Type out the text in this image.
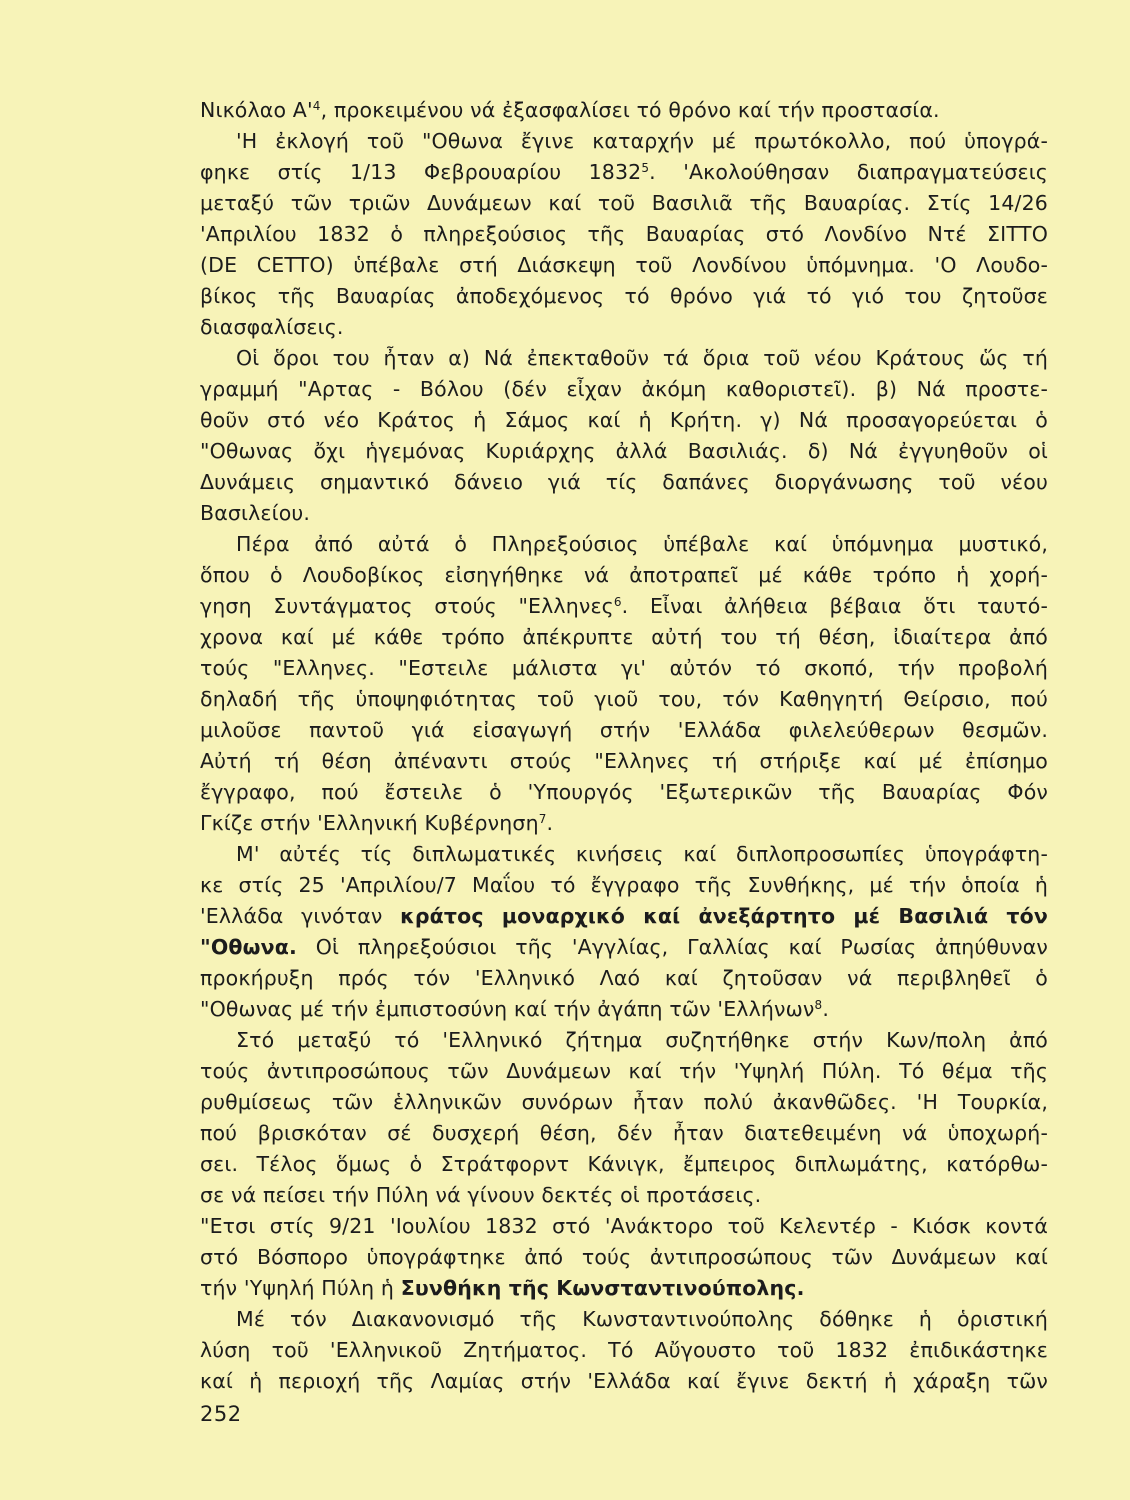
Νικόλαο $A'^4$, προκειμένου νά ἐξασφαλίσει τό θρόνο καί τήν προστασία.
'Η ἐκλογή τοῦ "Οθωνα ἔγινε καταρχήν μέ πρωτόκολλο, πού ὑπογρά-
φηκε στίς 1/13 Φεβρουαρίου 1832$^5$. 'Ακολούθησαν διαπραγματεύσεις
μεταξύ τῶν τριῶν Δυνάμεων καί τοῦ Βασιλιᾶ τῆς Βαυαρίας. Στίς 14/26
'Απριλίου 1832 ὁ πληρεξούσιος τῆς Βαυαρίας στό Λονδίνο Ντέ ΣΙΤΤΟ
(DE CETTO) ὑπέβαλε στή Διάσκεψη τοῦ Λονδίνου ὑπόμνημα. 'Ο Λουδο-
βίκος τῆς Βαυαρίας ἀποδεχόμενος τό θρόνο γιά τό γιό του ζητοῦσε
διασφαλίσεις.
Οἱ ὅροι του ἦταν α) Νά ἐπεκταθοῦν τά ὅρια τοῦ νέου Κράτους ὥς τή
γραμμή "Αρτας - Βόλου (δέν εἶχαν ἀκόμη καθοριστεῖ). β) Νά προστε-
θοῦν στό νέο Κράτος ἡ Σάμος καί ἡ Κρήτη. γ) Νά προσαγορεύεται ὁ
"Οθωνας ὄχι ἡγεμόνας Κυριάρχης ἀλλά Βασιλιάς. δ) Νά ἐγγυηθοῦν οἱ
Δυνάμεις σημαντικό δάνειο γιά τίς δαπάνες διοργάνωσης τοῦ νέου
Βασιλείου.
Πέρα ἀπό αὐτά ὁ Πληρεξούσιος ὑπέβαλε καί ὑπόμνημα μυστικό,
ὅπου ὁ Λουδοβίκος εἰσηγήθηκε νά ἀποτραπεῖ μέ κάθε τρόπο ἡ χορή-
γηση Συντάγματος στούς "Ελληνες$^6$. Εἶναι ἀλήθεια βέβαια ὅτι ταυτό-
χρονα καί μέ κάθε τρόπο ἀπέκρυπτε αὐτή του τή θέση, ἰδιαίτερα ἀπό
τούς "Ελληνες. "Εστειλε μάλιστα γι' αὐτόν τό σκοπό, τήν προβολή
δηλαδή τῆς ὑποψηφιότητας τοῦ γιοῦ του, τόν Καθηγητή Θείρσιο, πού
μιλοῦσε παντοῦ γιά εἰσαγωγή στήν 'Ελλάδα φιλελεύθερων θεσμῶν.
Αὐτή τή θέση ἀπέναντι στούς "Ελληνες τή στήριξε καί μέ ἐπίσημο
ἔγγραφο, πού ἔστειλε ὁ 'Υπουργός 'Εξωτερικῶν τῆς Βαυαρίας Φόν
Γκίζε στήν 'Ελληνική Κυβέρνηση$^7$.
Μ' αὐτές τίς διπλωματικές κινήσεις καί διπλοπροσωπίες ὑπογράφτη-
κε στίς 25 'Απριλίου/7 Μαΐου τό ἔγγραφο τῆς Συνθήκης, μέ τήν ὁποία ἡ
'Ελλάδα γινόταν κράτος μοναρχικό καί ἀνεξάρτητο μέ Βασιλιά τόν
"Οθωνα. Οἱ πληρεξούσιοι τῆς 'Αγγλίας, Γαλλίας καί Ρωσίας ἀπηύθυναν
προκήρυξη πρός τόν 'Ελληνικό Λαό καί ζητοῦσαν νά περιβληθεῖ ὁ
"Οθωνας μέ τήν ἐμπιστοσύνη καί τήν ἀγάπη τῶν 'Ελλήνων$^8$.
Στό μεταξύ τό 'Ελληνικό ζήτημα συζητήθηκε στήν Κων/πολη ἀπό
τούς ἀντιπροσώπους τῶν Δυνάμεων καί τήν 'Υψηλή Πύλη. Τό θέμα τῆς
ρυθμίσεως τῶν ἑλληνικῶν συνόρων ἦταν πολύ ἀκανθῶδες. 'Η Τουρκία,
πού βρισκόταν σέ δυσχερή θέση, δέν ἦταν διατεθειμένη νά ὑποχωρή-
σει. Τέλος ὅμως ὁ Στράτφορντ Κάνιγκ, ἔμπειρος διπλωμάτης, κατόρθω-
σε νά πείσει τήν Πύλη νά γίνουν δεκτές οἱ προτάσεις.
"Ετσι στίς 9/21 'Ιουλίου 1832 στό 'Ανάκτορο τοῦ Κελεντέρ - Κιόσκ κοντά
στό Βόσπορο ὑπογράφτηκε ἀπό τούς ἀντιπροσώπους τῶν Δυνάμεων καί
τήν 'Υψηλή Πύλη ἡ Συνθήκη τῆς Κωνσταντινούπολης.
Μέ τόν Διακανονισμό τῆς Κωνσταντινούπολης δόθηκε ἡ ὁριστική
λύση τοῦ 'Ελληνικοῦ Ζητήματος. Τό Αὔγουστο τοῦ 1832 ἐπιδικάστηκε
καί ἡ περιοχή τῆς Λαμίας στήν 'Ελλάδα καί ἔγινε δεκτή ἡ χάραξη τῶν
252
